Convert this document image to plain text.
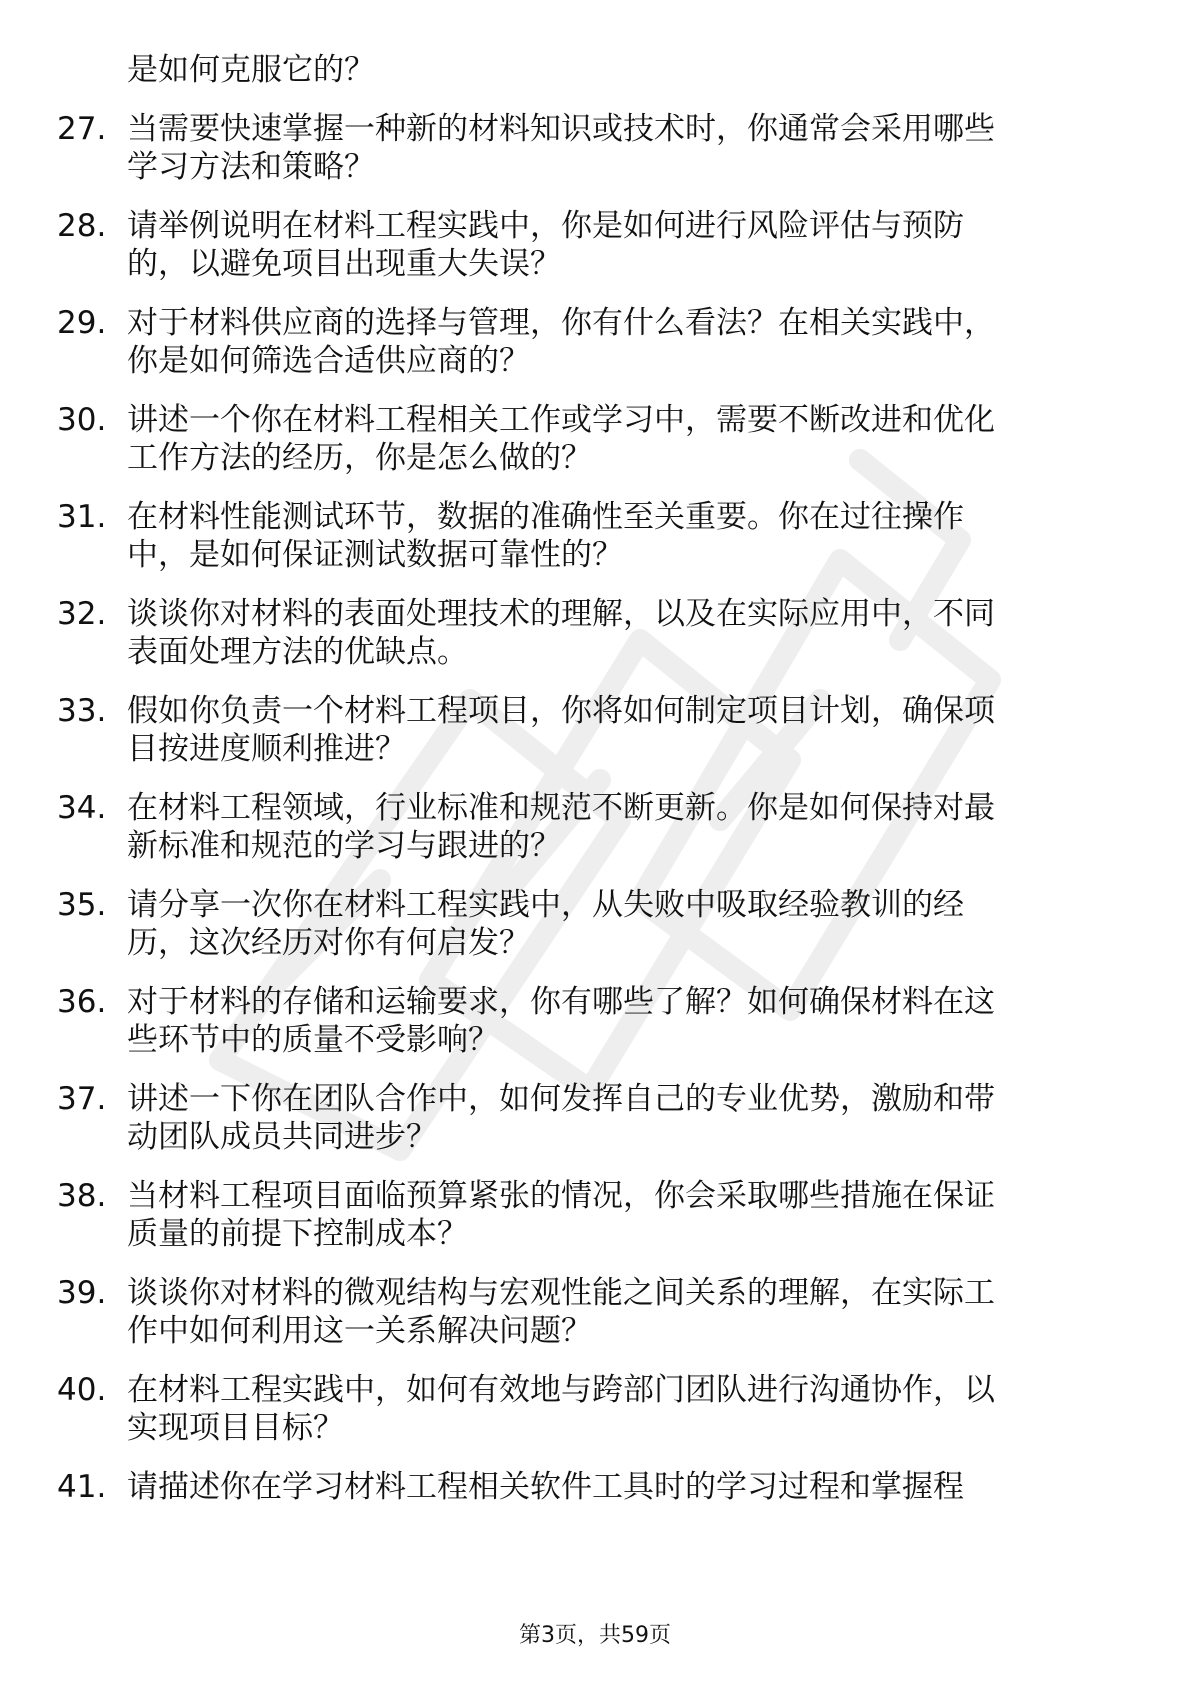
是如何克服它的？
27. 当需要快速掌握一种新的材料知识或技术时，你通常会采用哪些
学习方法和策略？
28. 请举例说明在材料工程实践中，你是如何进行风险评估与预防
的，以避免项目出现重大失误？
29. 对于材料供应商的选择与管理，你有什么看法？在相关实践中，
你是如何筛选合适供应商的？
30. 讲述一个你在材料工程相关工作或学习中，需要不断改进和优化
工作方法的经历，你是怎么做的？
31. 在材料性能测试环节，数据的准确性至关重要。你在过往操作
中，是如何保证测试数据可靠性的？
32. 谈谈你对材料的表面处理技术的理解，以及在实际应用中，不同
表面处理方法的优缺点。
33. 假如你负责一个材料工程项目，你将如何制定项目计划，确保项
目按进度顺利推进？
34. 在材料工程领域，行业标准和规范不断更新。你是如何保持对最
新标准和规范的学习与跟进的？
35. 请分享一次你在材料工程实践中，从失败中吸取经验教训的经
历，这次经历对你有何启发？
36. 对于材料的存储和运输要求，你有哪些了解？如何确保材料在这
些环节中的质量不受影响？
37. 讲述一下你在团队合作中，如何发挥自己的专业优势，激励和带
动团队成员共同进步？
38. 当材料工程项目面临预算紧张的情况，你会采取哪些措施在保证
质量的前提下控制成本？
39. 谈谈你对材料的微观结构与宏观性能之间关系的理解，在实际工
作中如何利用这一关系解决问题？
40. 在材料工程实践中，如何有效地与跨部门团队进行沟通协作，以
实现项目目标？
41. 请描述你在学习材料工程相关软件工具时的学习过程和掌握程
第3页，共59页
